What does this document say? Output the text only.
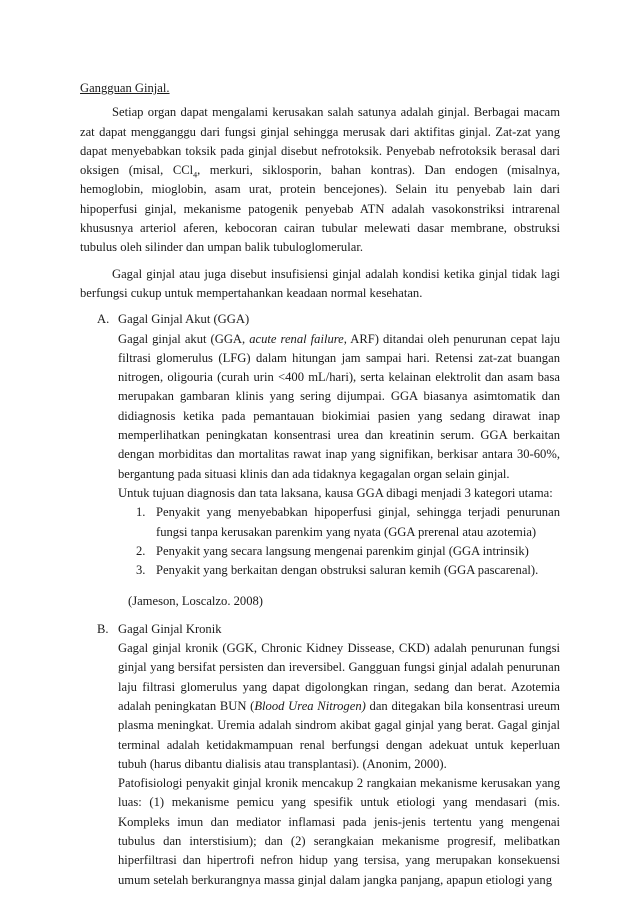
Gangguan Ginjal.

Setiap organ dapat mengalami kerusakan salah satunya adalah ginjal. Berbagai macam zat dapat mengganggu dari fungsi ginjal sehingga merusak dari aktifitas ginjal. Zat-zat yang dapat menyebabkan toksik pada ginjal disebut nefrotoksik. Penyebab nefrotoksik berasal dari oksigen (misal, CCl$_4$, merkuri, siklosporin, bahan kontras). Dan endogen (misalnya, hemoglobin, mioglobin, asam urat, protein bencejones). Selain itu penyebab lain dari hipoperfusi ginjal, mekanisme patogenik penyebab ATN adalah vasokonstriksi intrarenal khususnya arteriol aferen, kebocoran cairan tubular melewati dasar membrane, obstruksi tubulus oleh silinder dan umpan balik tubuloglomerular.

Gagal ginjal atau juga disebut insufisiensi ginjal adalah kondisi ketika ginjal tidak lagi berfungsi cukup untuk mempertahankan keadaan normal kesehatan.

A. Gagal Ginjal Akut (GGA)

Gagal ginjal akut (GGA, acute renal failure, ARF) ditandai oleh penurunan cepat laju filtrasi glomerulus (LFG) dalam hitungan jam sampai hari. Retensi zat-zat buangan nitrogen, oligouria (curah urin <400 mL/hari), serta kelainan elektrolit dan asam basa merupakan gambaran klinis yang sering dijumpai. GGA biasanya asimtomatik dan didiagnosis ketika pada pemantauan biokimiai pasien yang sedang dirawat inap memperlihatkan peningkatan konsentrasi urea dan kreatinin serum. GGA berkaitan dengan morbiditas dan mortalitas rawat inap yang signifikan, berkisar antara 30-60%, bergantung pada situasi klinis dan ada tidaknya kegagalan organ selain ginjal.

Untuk tujuan diagnosis dan tata laksana, kausa GGA dibagi menjadi 3 kategori utama:

1. Penyakit yang menyebabkan hipoperfusi ginjal, sehingga terjadi penurunan fungsi tanpa kerusakan parenkim yang nyata (GGA prerenal atau azotemia)
2. Penyakit yang secara langsung mengenai parenkim ginjal (GGA intrinsik)
3. Penyakit yang berkaitan dengan obstruksi saluran kemih (GGA pascarenal).

(Jameson, Loscalzo. 2008)

B. Gagal Ginjal Kronik

Gagal ginjal kronik (GGK, Chronic Kidney Dissease, CKD) adalah penurunan fungsi ginjal yang bersifat persisten dan ireversibel. Gangguan fungsi ginjal adalah penurunan laju filtrasi glomerulus yang dapat digolongkan ringan, sedang dan berat. Azotemia adalah peningkatan BUN (Blood Urea Nitrogen) dan ditegakan bila konsentrasi ureum plasma meningkat. Uremia adalah sindrom akibat gagal ginjal yang berat. Gagal ginjal terminal adalah ketidakmampuan renal berfungsi dengan adekuat untuk keperluan tubuh (harus dibantu dialisis atau transplantasi). (Anonim, 2000).

Patofisiologi penyakit ginjal kronik mencakup 2 rangkaian mekanisme kerusakan yang luas: (1) mekanisme pemicu yang spesifik untuk etiologi yang mendasari (mis. Kompleks imun dan mediator inflamasi pada jenis-jenis tertentu yang mengenai tubulus dan interstisium); dan (2) serangkaian mekanisme progresif, melibatkan hiperfiltrasi dan hipertrofi nefron hidup yang tersisa, yang merupakan konsekuensi umum setelah berkurangnya massa ginjal dalam jangka panjang, apapun etiologi yang
